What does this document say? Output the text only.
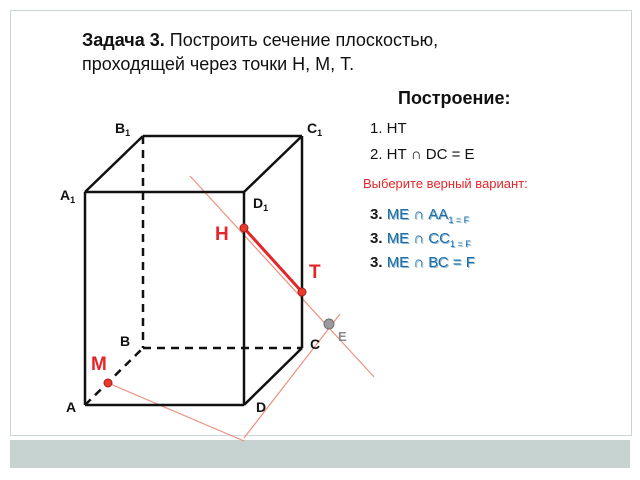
Задача 3. Построить сечение плоскостью,
проходящей через точки Н, М, Т.
Построение:
1. НТ
2. НТ ∩ DC = E
Выберите верный вариант:
3. МЕ ∩ $АА_{1 = F}$
3. МЕ ∩ $СС_{1 = F}$
3. МЕ ∩ ВС = F
$B_1$	$C_1$
$A_1$	$D_1$
B	C
A	D
H
T
M
E
